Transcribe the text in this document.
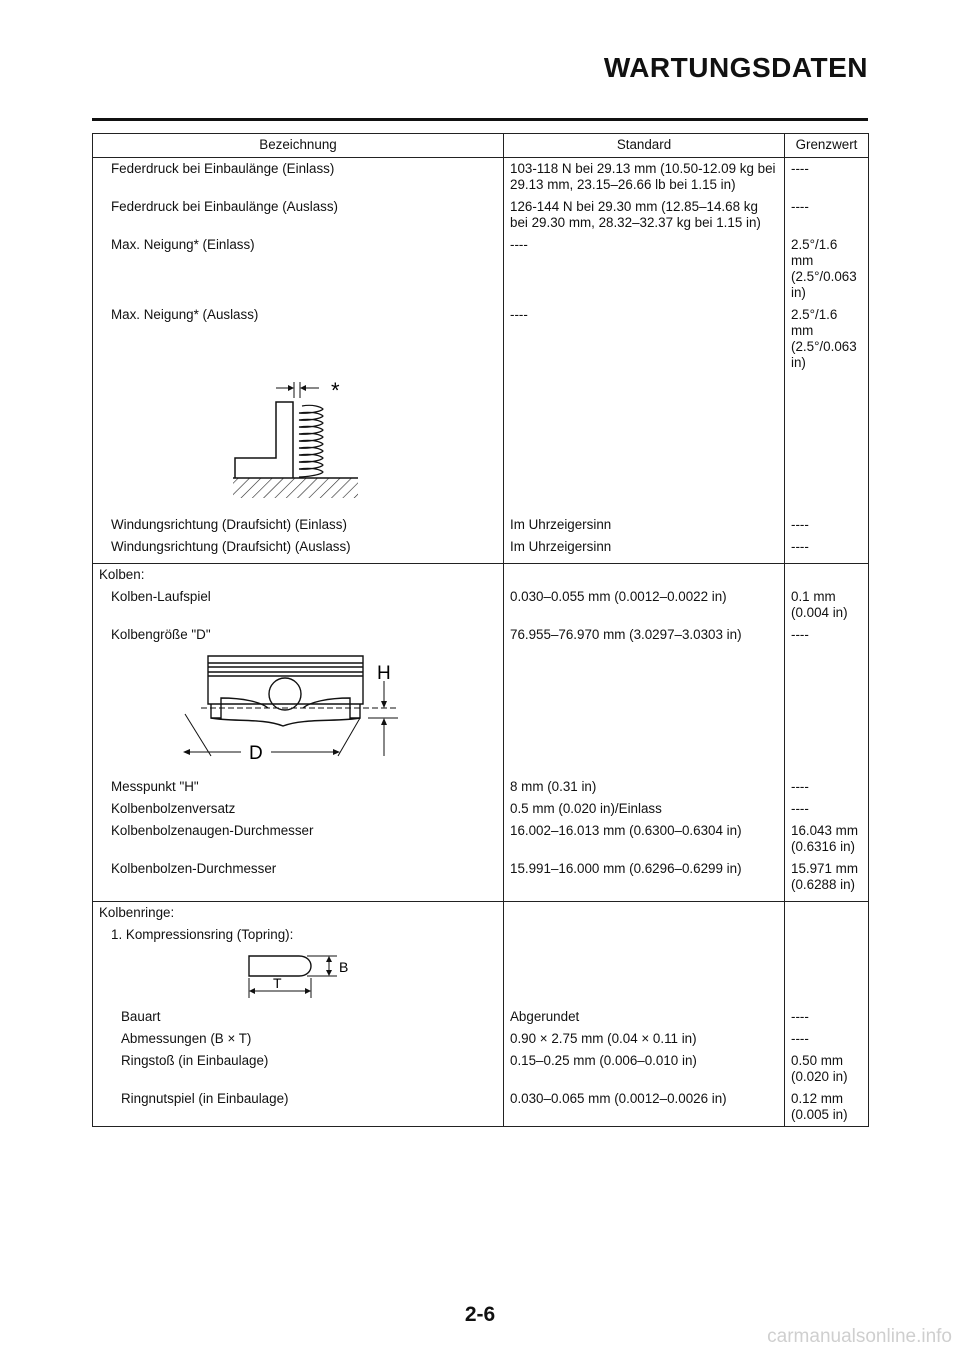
WARTUNGSDATEN
Bezeichnung	Standard	Grenzwert
Federdruck bei Einbaulänge (Einlass)	103-118 N bei 29.13 mm (10.50-12.09 kg bei 29.13 mm, 23.15–26.66 lb bei 1.15 in)	----
Federdruck bei Einbaulänge (Auslass)	126-144 N bei 29.30 mm (12.85–14.68 kg bei 29.30 mm, 28.32–32.37 kg bei 1.15 in)	----
Max. Neigung* (Einlass)	----	2.5°/1.6 mm (2.5°/0.063 in)
Max. Neigung* (Auslass)	----	2.5°/1.6 mm (2.5°/0.063 in)

*		

Windungsrichtung (Draufsicht) (Einlass)	Im Uhrzeigersinn	----
Windungsrichtung (Draufsicht) (Auslass)	Im Uhrzeigersinn	----
Kolben:		
Kolben-Laufspiel	0.030–0.055 mm (0.0012–0.0022 in)	0.1 mm (0.004 in)
Kolbengröße "D"	76.955–76.970 mm (3.0297–3.0303 in)	----

H
D		

Messpunkt "H"	8 mm (0.31 in)	----
Kolbenbolzenversatz	0.5 mm (0.020 in)/Einlass	----
Kolbenbolzenaugen-Durchmesser	16.002–16.013 mm (0.6300–0.6304 in)	16.043 mm (0.6316 in)
Kolbenbolzen-Durchmesser	15.991–16.000 mm (0.6296–0.6299 in)	15.971 mm (0.6288 in)
Kolbenringe:		
1. Kompressionsring (Topring):		

B
T		

Bauart	Abgerundet	----
Abmessungen (B × T)	0.90 × 2.75 mm (0.04 × 0.11 in)	----
Ringstoß (in Einbaulage)	0.15–0.25 mm (0.006–0.010 in)	0.50 mm (0.020 in)
Ringnutspiel (in Einbaulage)	0.030–0.065 mm (0.0012–0.0026 in)	0.12 mm (0.005 in)
2-6
carmanualsonline.info
